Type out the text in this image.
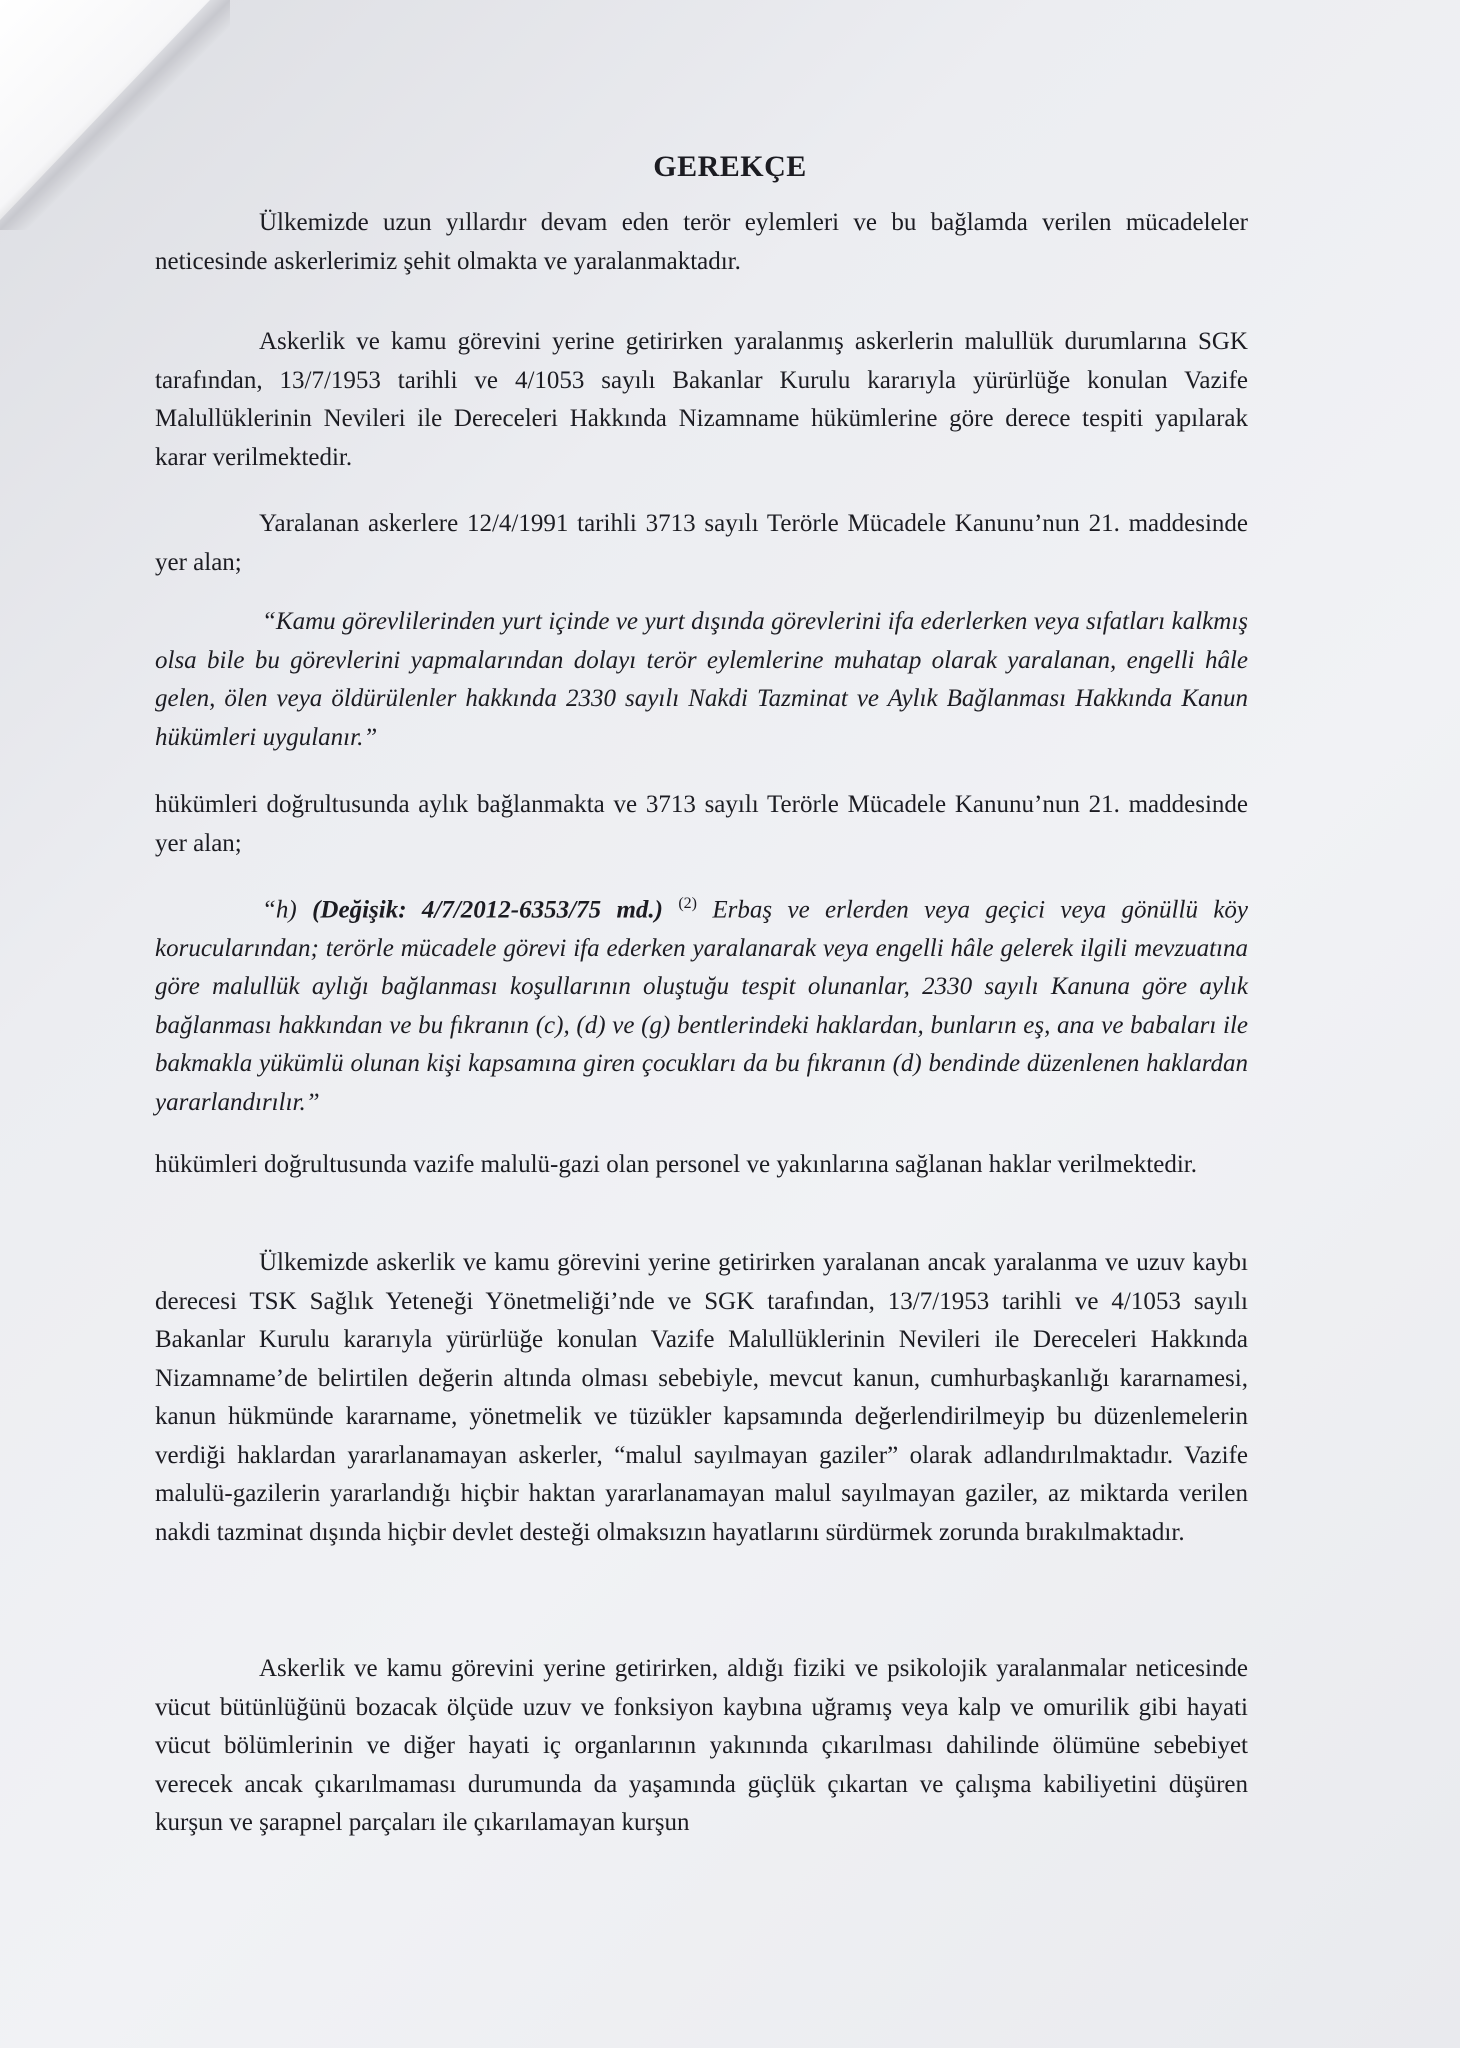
GEREKÇE

Ülkemizde uzun yıllardır devam eden terör eylemleri ve bu bağlamda verilen mücadeleler neticesinde askerlerimiz şehit olmakta ve yaralanmaktadır.

Askerlik ve kamu görevini yerine getirirken yaralanmış askerlerin malullük durumlarına SGK tarafından, 13/7/1953 tarihli ve 4/1053 sayılı Bakanlar Kurulu kararıyla yürürlüğe konulan Vazife Malullüklerinin Nevileri ile Dereceleri Hakkında Nizamname hükümlerine göre derece tespiti yapılarak karar verilmektedir.

Yaralanan askerlere 12/4/1991 tarihli 3713 sayılı Terörle Mücadele Kanunu’nun 21. maddesinde yer alan;

“Kamu görevlilerinden yurt içinde ve yurt dışında görevlerini ifa ederlerken veya sıfatları kalkmış olsa bile bu görevlerini yapmalarından dolayı terör eylemlerine muhatap olarak yaralanan, engelli hâle gelen, ölen veya öldürülenler hakkında 2330 sayılı Nakdi Tazminat ve Aylık Bağlanması Hakkında Kanun hükümleri uygulanır.”

hükümleri doğrultusunda aylık bağlanmakta ve 3713 sayılı Terörle Mücadele Kanunu’nun 21. maddesinde yer alan;

“h) (Değişik: 4/7/2012-6353/75 md.) $^{(2)}$ Erbaş ve erlerden veya geçici veya gönüllü köy korucularından; terörle mücadele görevi ifa ederken yaralanarak veya engelli hâle gelerek ilgili mevzuatına göre malullük aylığı bağlanması koşullarının oluştuğu tespit olunanlar, 2330 sayılı Kanuna göre aylık bağlanması hakkından ve bu fıkranın (c), (d) ve (g) bentlerindeki haklardan, bunların eş, ana ve babaları ile bakmakla yükümlü olunan kişi kapsamına giren çocukları da bu fıkranın (d) bendinde düzenlenen haklardan yararlandırılır.”

hükümleri doğrultusunda vazife malulü-gazi olan personel ve yakınlarına sağlanan haklar verilmektedir.

Ülkemizde askerlik ve kamu görevini yerine getirirken yaralanan ancak yaralanma ve uzuv kaybı derecesi TSK Sağlık Yeteneği Yönetmeliği’nde ve SGK tarafından, 13/7/1953 tarihli ve 4/1053 sayılı Bakanlar Kurulu kararıyla yürürlüğe konulan Vazife Malullüklerinin Nevileri ile Dereceleri Hakkında Nizamname’de belirtilen değerin altında olması sebebiyle, mevcut kanun, cumhurbaşkanlığı kararnamesi, kanun hükmünde kararname, yönetmelik ve tüzükler kapsamında değerlendirilmeyip bu düzenlemelerin verdiği haklardan yararlanamayan askerler, “malul sayılmayan gaziler” olarak adlandırılmaktadır. Vazife malulü-gazilerin yararlandığı hiçbir haktan yararlanamayan malul sayılmayan gaziler, az miktarda verilen nakdi tazminat dışında hiçbir devlet desteği olmaksızın hayatlarını sürdürmek zorunda bırakılmaktadır.

Askerlik ve kamu görevini yerine getirirken, aldığı fiziki ve psikolojik yaralanmalar neticesinde vücut bütünlüğünü bozacak ölçüde uzuv ve fonksiyon kaybına uğramış veya kalp ve omurilik gibi hayati vücut bölümlerinin ve diğer hayati iç organlarının yakınında çıkarılması dahilinde ölümüne sebebiyet verecek ancak çıkarılmaması durumunda da yaşamında güçlük çıkartan ve çalışma kabiliyetini düşüren kurşun ve şarapnel parçaları ile çıkarılamayan kurşun
